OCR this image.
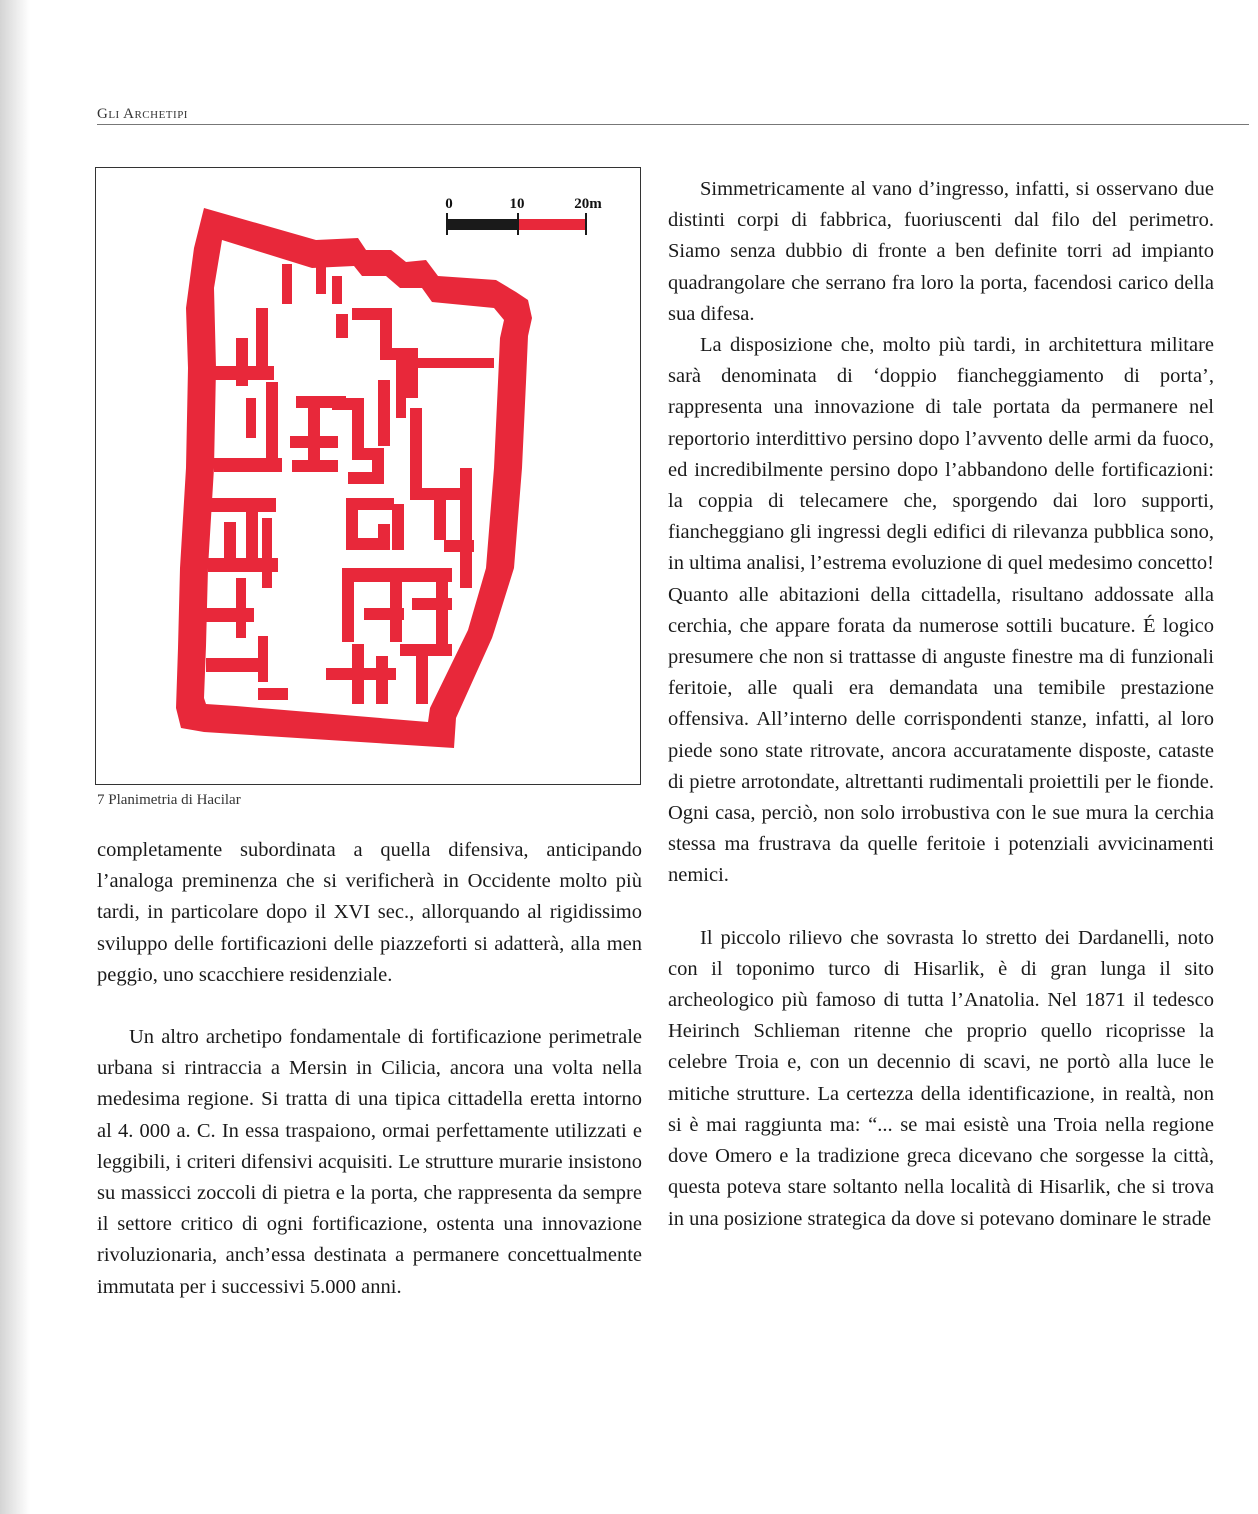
Gli Archetipi
0	10	20m
7 Planimetria di Hacilar

completamente subordinata a quella difensiva, anticipando l’analoga preminenza che si verificherà in Occidente molto più tardi, in particolare dopo il XVI sec., allorquando al rigidissimo sviluppo delle fortificazioni delle piazzeforti si adatterà, alla men peggio, uno scacchiere residenziale.

Un altro archetipo fondamentale di fortificazione perimetrale urbana si rintraccia a Mersin in Cilicia, ancora una volta nella medesima regione. Si tratta di una tipica cittadella eretta intorno al 4. 000 a. C. In essa traspaiono, ormai perfettamente utilizzati e leggibili, i criteri difensivi acquisiti. Le strutture murarie insistono su massicci zoccoli di pietra e la porta, che rappresenta da sempre il settore critico di ogni fortificazione, ostenta una innovazione rivoluzionaria, anch’essa destinata a permanere concettualmente immutata per i successivi 5.000 anni.

Simmetricamente al vano d’ingresso, infatti, si osservano due distinti corpi di fabbrica, fuoriuscenti dal filo del perimetro. Siamo senza dubbio di fronte a ben definite torri ad impianto quadrangolare che serrano fra loro la porta, facendosi carico della sua difesa.

La disposizione che, molto più tardi, in architettura militare sarà denominata di ‘doppio fiancheggiamento di porta’, rappresenta una innovazione di tale portata da permanere nel reportorio interdittivo persino dopo l’avvento delle armi da fuoco, ed incredibilmente persino dopo l’abbandono delle fortificazioni: la coppia di telecamere che, sporgendo dai loro supporti, fiancheggiano gli ingressi degli edifici di rilevanza pubblica sono, in ultima analisi, l’estrema evoluzione di quel medesimo concetto! Quanto alle abitazioni della cittadella, risultano addossate alla cerchia, che appare forata da numerose sottili bucature. É logico presumere che non si trattasse di anguste finestre ma di funzionali feritoie, alle quali era demandata una temibile prestazione offensiva. All’interno delle corrispondenti stanze, infatti, al loro piede sono state ritrovate, ancora accuratamente disposte, cataste di pietre arrotondate, altrettanti rudimentali proiettili per le fionde. Ogni casa, perciò, non solo irrobustiva con le sue mura la cerchia stessa ma frustrava da quelle feritoie i potenziali avvicinamenti nemici.

Il piccolo rilievo che sovrasta lo stretto dei Dardanelli, noto con il toponimo turco di Hisarlik, è di gran lunga il sito archeologico più famoso di tutta l’Anatolia. Nel 1871 il tedesco Heirinch Schlieman ritenne che proprio quello ricoprisse la celebre Troia e, con un decennio di scavi, ne portò alla luce le mitiche strutture. La certezza della identificazione, in realtà, non si è mai raggiunta ma: “... se mai esistè una Troia nella regione dove Omero e la tradizione greca dicevano che sorgesse la città, questa poteva stare soltanto nella località di Hisarlik, che si trova in una posizione strategica da dove si potevano dominare le strade
